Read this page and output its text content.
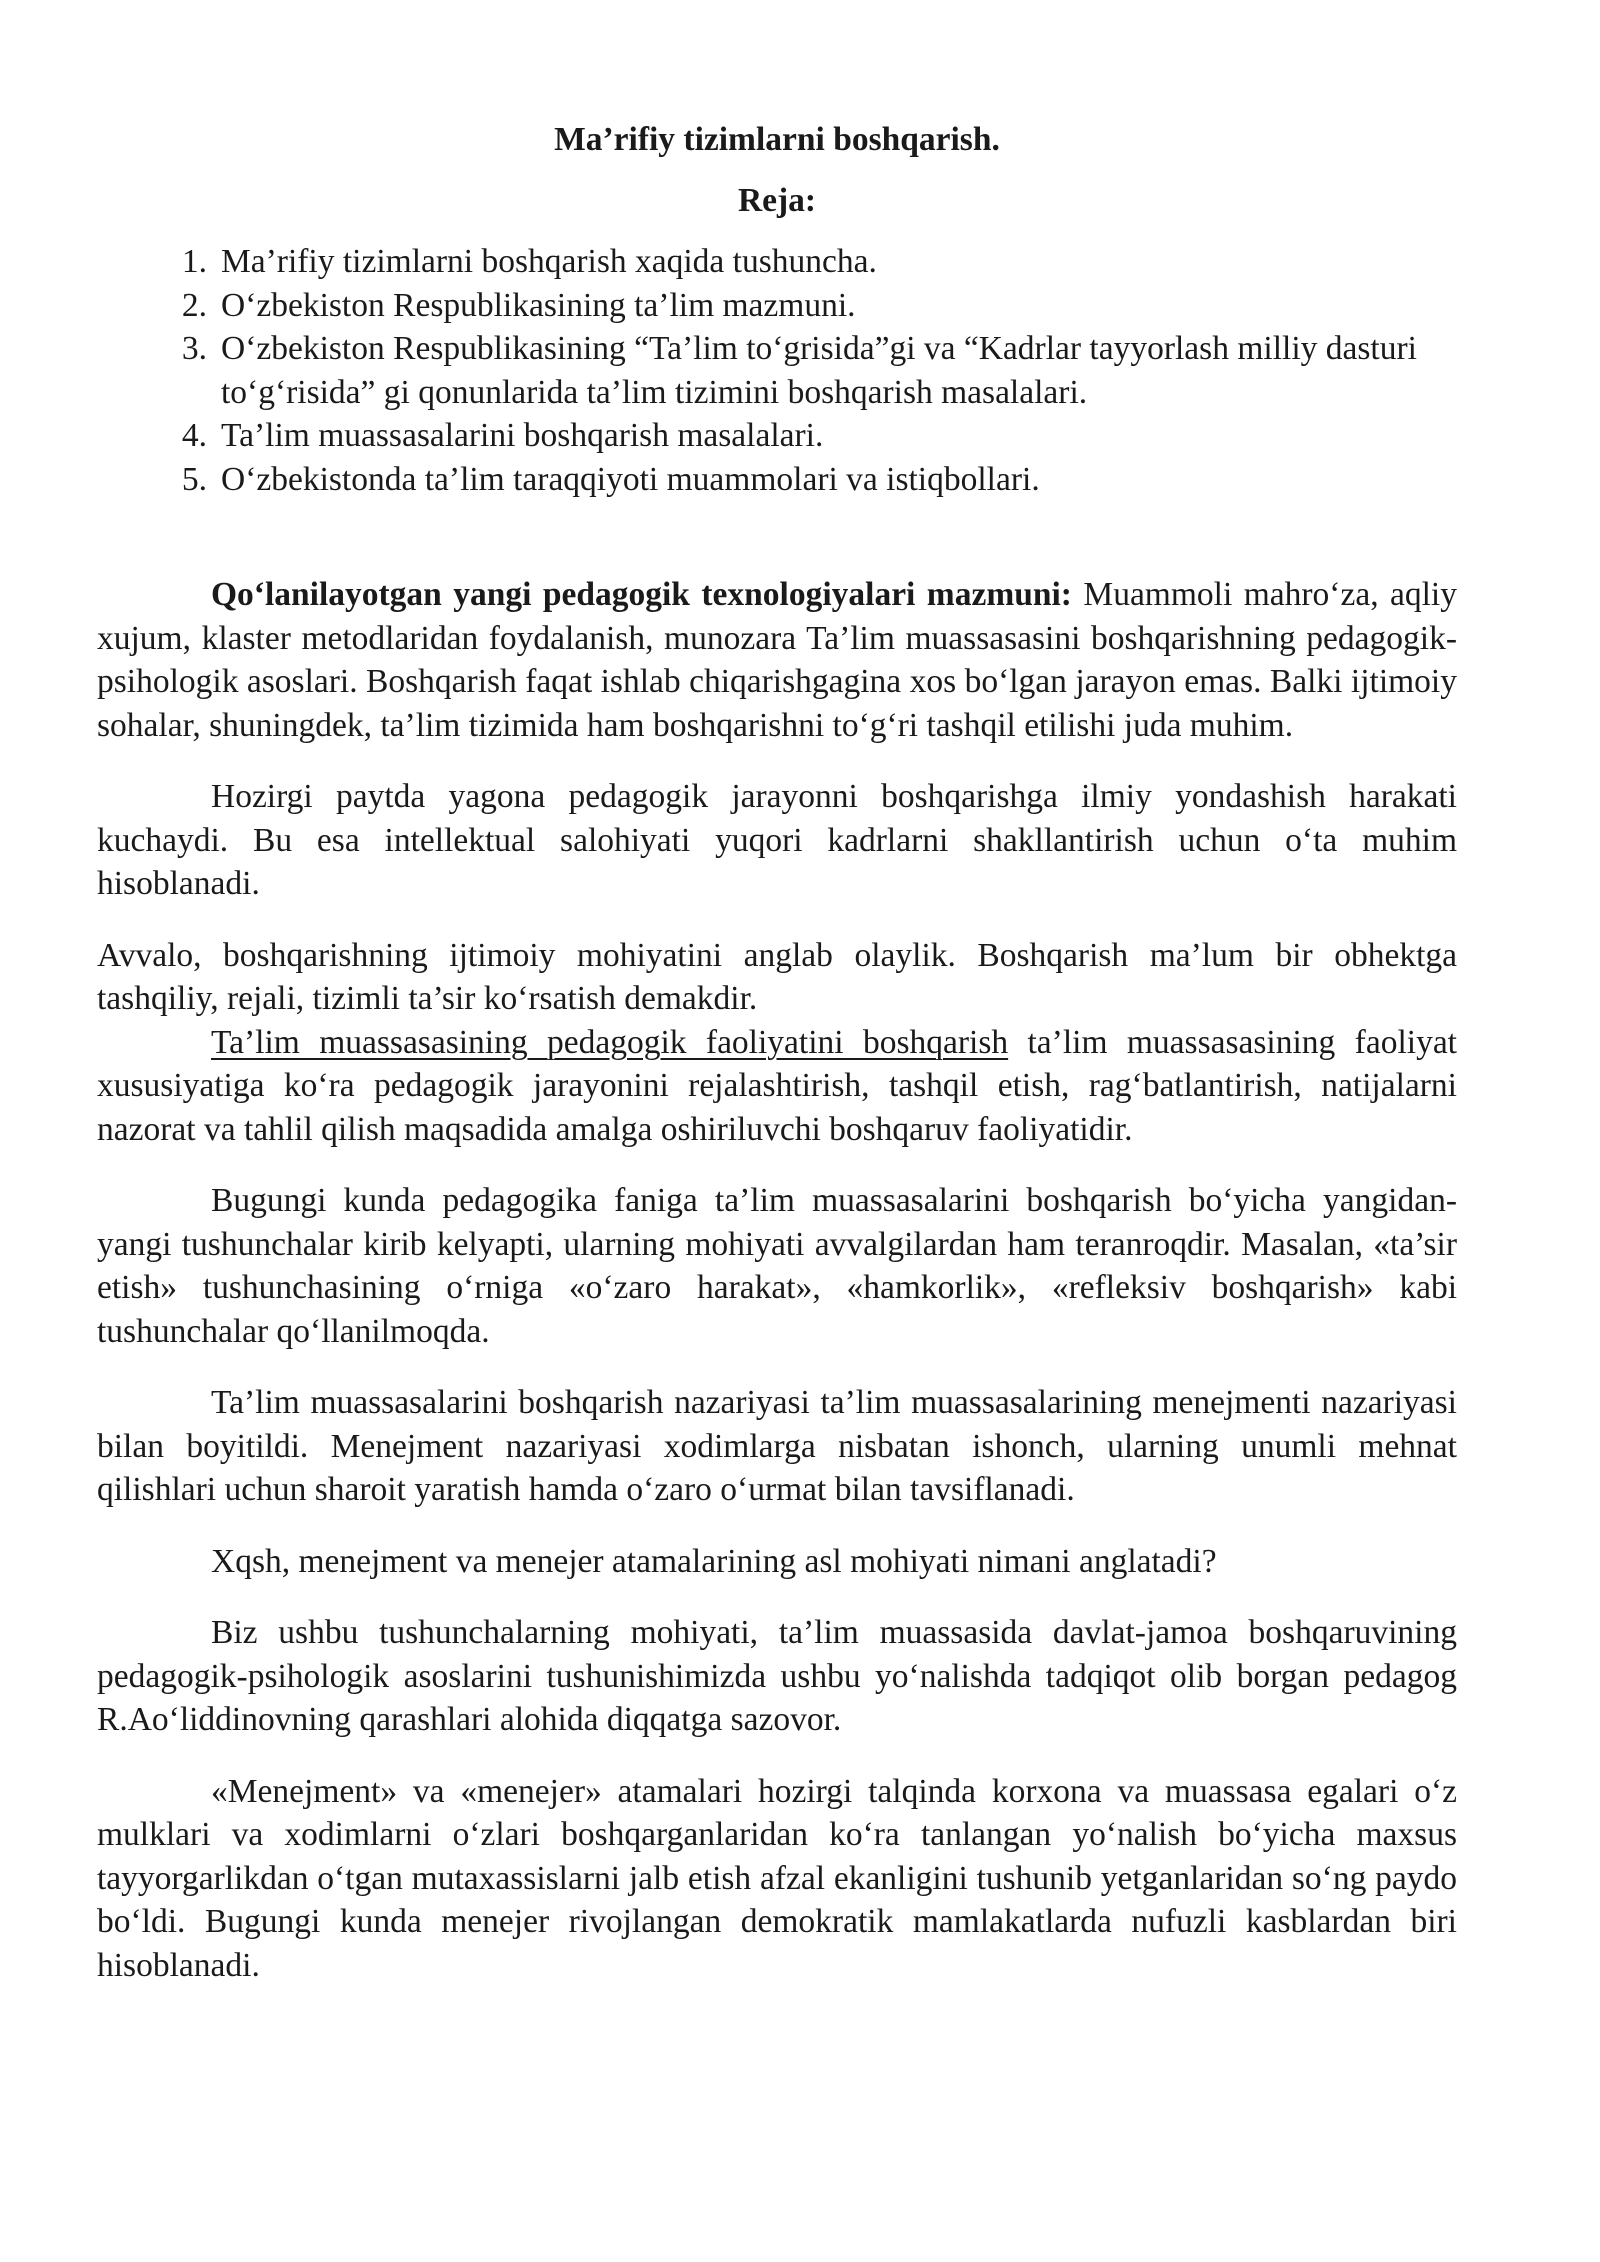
Ma’rifiy tizimlarni boshqarish.
Reja:
1. Ma’rifiy tizimlarni boshqarish xaqida tushuncha.
2. O‘zbekiston Respublikasining ta’lim mazmuni.
3. O‘zbekiston Respublikasining “Ta’lim to‘grisida”gi va “Kadrlar tayyorlash milliy dasturi to‘g‘risida” gi qonunlarida ta’lim tizimini boshqarish masalalari.
4. Ta’lim muassasalarini boshqarish masalalari.
5. O‘zbekistonda ta’lim taraqqiyoti muammolari va istiqbollari.

Qo‘lanilayotgan yangi pedagogik texnologiyalari mazmuni: Muammoli mahro‘za, aqliy xujum, klaster metodlaridan foydalanish, munozara Ta’lim muassasasini boshqarishning pedagogik- psihologik asoslari. Boshqarish faqat ishlab chiqarishgagina xos bo‘lgan jarayon emas. Balki ijtimoiy sohalar, shuningdek, ta’lim tizimida ham boshqarishni to‘g‘ri tashqil etilishi juda muhim.

Hozirgi paytda yagona pedagogik jarayonni boshqarishga ilmiy yondashish harakati kuchaydi. Bu esa intellektual salohiyati yuqori kadrlarni shakllantirish uchun o‘ta muhim hisoblanadi.

Avvalo, boshqarishning ijtimoiy mohiyatini anglab olaylik. Boshqarish ma’lum bir obhektga tashqiliy, rejali, tizimli ta’sir ko‘rsatish demakdir.

Ta’lim muassasasining pedagogik faoliyatini boshqarish ta’lim muassasasining faoliyat xususiyatiga ko‘ra pedagogik jarayonini rejalashtirish, tashqil etish, rag‘batlantirish, natijalarni nazorat va tahlil qilish maqsadida amalga oshiriluvchi boshqaruv faoliyatidir.

Bugungi kunda pedagogika faniga ta’lim muassasalarini boshqarish bo‘yicha yangidan-yangi tushunchalar kirib kelyapti, ularning mohiyati avvalgilardan ham teranroqdir. Masalan, «ta’sir etish» tushunchasining o‘rniga «o‘zaro harakat», «hamkorlik», «refleksiv boshqarish» kabi tushunchalar qo‘llanilmoqda.

Ta’lim muassasalarini boshqarish nazariyasi ta’lim muassasalarining menejmenti nazariyasi bilan boyitildi. Menejment nazariyasi xodimlarga nisbatan ishonch, ularning unumli mehnat qilishlari uchun sharoit yaratish hamda o‘zaro o‘urmat bilan tavsiflanadi.

Xqsh, menejment va menejer atamalarining asl mohiyati nimani anglatadi?

Biz ushbu tushunchalarning mohiyati, ta’lim muassasida davlat-jamoa boshqaruvining pedagogik-psihologik asoslarini tushunishimizda ushbu yo‘nalishda tadqiqot olib borgan pedagog R.Ao‘liddinovning qarashlari alohida diqqatga sazovor.

«Menejment» va «menejer» atamalari hozirgi talqinda korxona va muassasa egalari o‘z mulklari va xodimlarni o‘zlari boshqarganlaridan ko‘ra tanlangan yo‘nalish bo‘yicha maxsus tayyorgarlikdan o‘tgan mutaxassislarni jalb etish afzal ekanligini tushunib yetganlaridan so‘ng paydo bo‘ldi. Bugungi kunda menejer rivojlangan demokratik mamlakatlarda nufuzli kasblardan biri hisoblanadi.
